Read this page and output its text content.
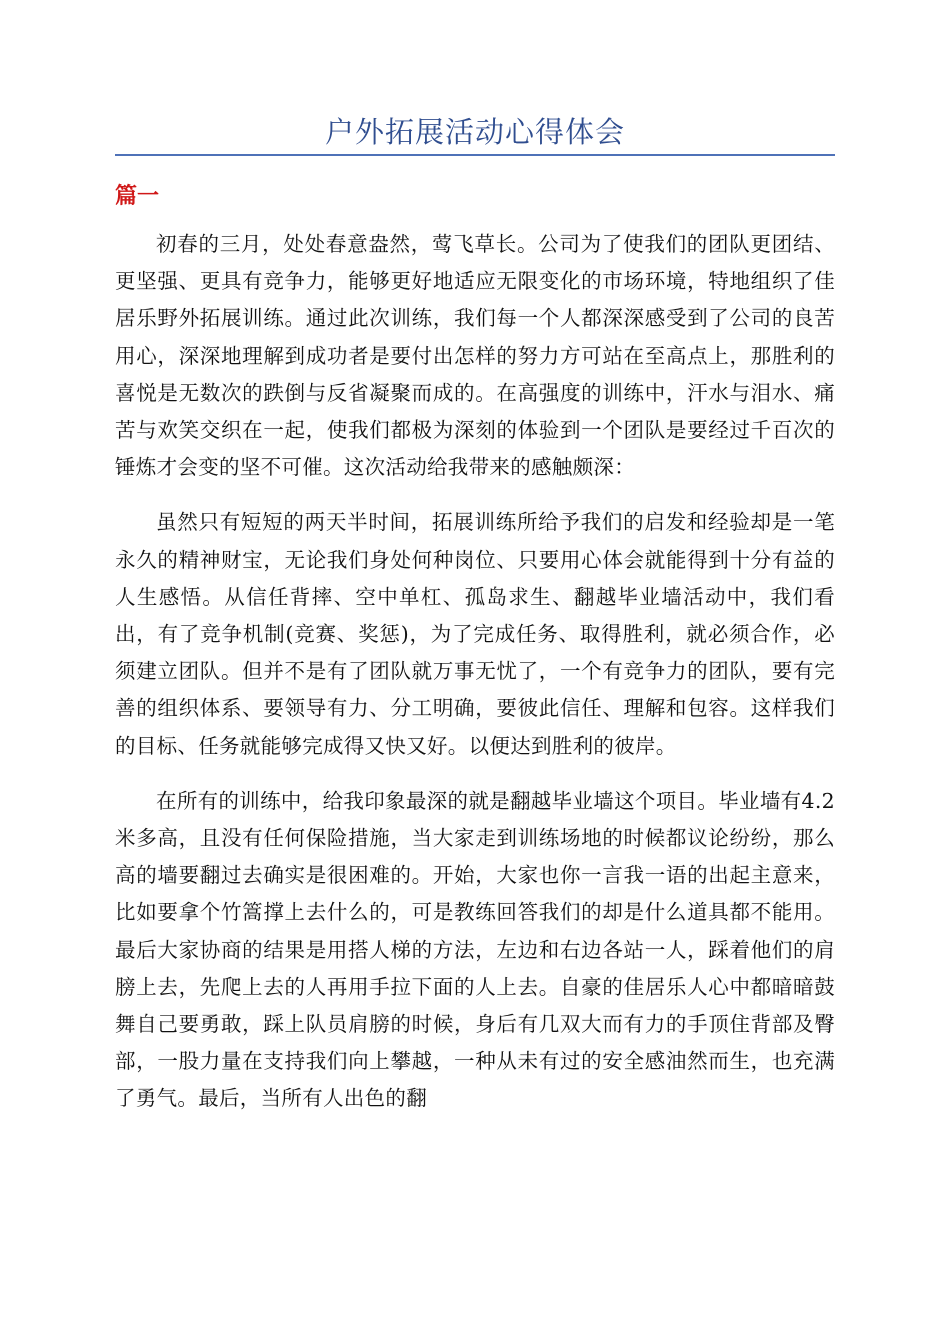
户外拓展活动心得体会
篇一

初春的三月，处处春意盎然，莺飞草长。公司为了使我们的团队更团结、更坚强、更具有竞争力，能够更好地适应无限变化的市场环境，特地组织了佳居乐野外拓展训练。通过此次训练，我们每一个人都深深感受到了公司的良苦用心，深深地理解到成功者是要付出怎样的努力方可站在至高点上，那胜利的喜悦是无数次的跌倒与反省凝聚而成的。在高强度的训练中，汗水与泪水、痛苦与欢笑交织在一起，使我们都极为深刻的体验到一个团队是要经过千百次的锤炼才会变的坚不可催。这次活动给我带来的感触颇深：

虽然只有短短的两天半时间，拓展训练所给予我们的启发和经验却是一笔永久的精神财宝，无论我们身处何种岗位、只要用心体会就能得到十分有益的人生感悟。从信任背摔、空中单杠、孤岛求生、翻越毕业墙活动中，我们看出，有了竞争机制(竞赛、奖惩)，为了完成任务、取得胜利，就必须合作，必须建立团队。但并不是有了团队就万事无忧了，一个有竞争力的团队，要有完善的组织体系、要领导有力、分工明确，要彼此信任、理解和包容。这样我们的目标、任务就能够完成得又快又好。以便达到胜利的彼岸。

在所有的训练中，给我印象最深的就是翻越毕业墙这个项目。毕业墙有4.2米多高，且没有任何保险措施，当大家走到训练场地的时候都议论纷纷，那么高的墙要翻过去确实是很困难的。开始，大家也你一言我一语的出起主意来，比如要拿个竹篙撑上去什么的，可是教练回答我们的却是什么道具都不能用。最后大家协商的结果是用搭人梯的方法，左边和右边各站一人，踩着他们的肩膀上去，先爬上去的人再用手拉下面的人上去。自豪的佳居乐人心中都暗暗鼓舞自己要勇敢，踩上队员肩膀的时候，身后有几双大而有力的手顶住背部及臀部，一股力量在支持我们向上攀越，一种从未有过的安全感油然而生，也充满了勇气。最后，当所有人出色的翻
